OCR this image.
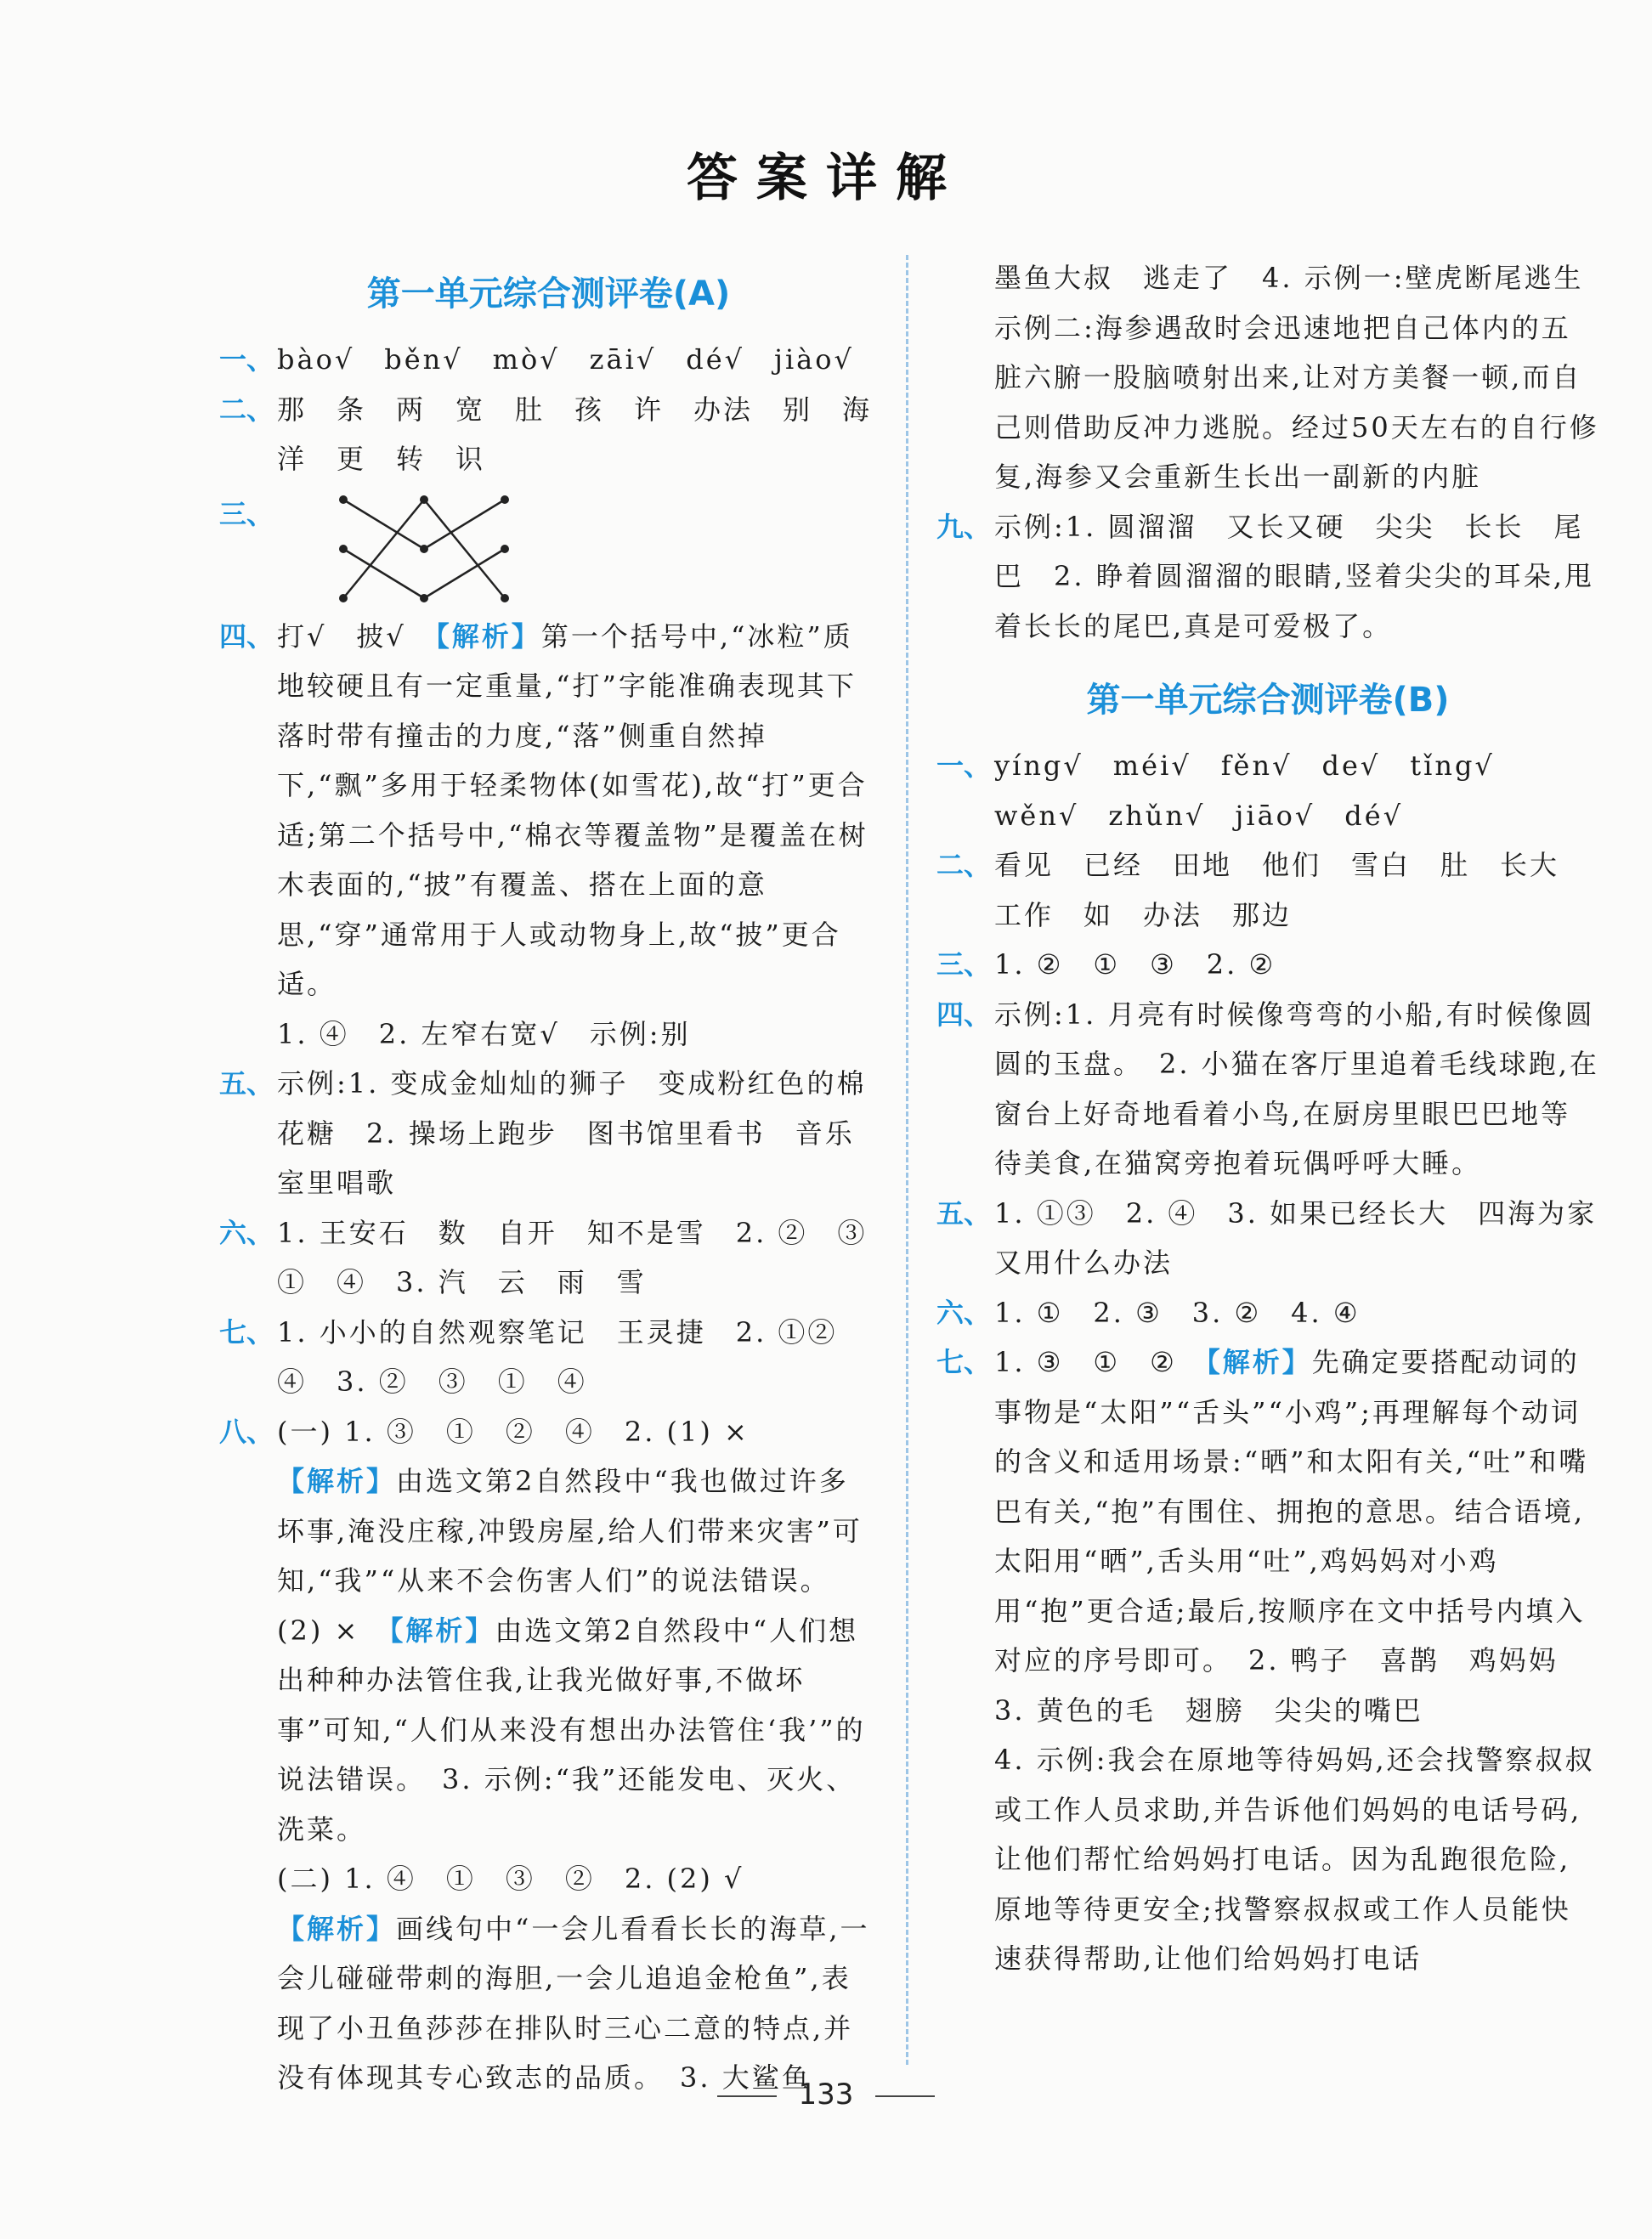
答案详解
第一单元综合测评卷(A)
一、 bào√　běn√　mò√　zāi√　dé√　jiào√
二、 那　条　两　宽　肚　孩　许　办法　别　海洋　更　转　识
三、
四、 打√　披√　【解析】第一个括号中,“冰粒”质地较硬且有一定重量,“打”字能准确表现其下落时带有撞击的力度,“落”侧重自然掉下,“飘”多用于轻柔物体(如雪花),故“打”更合适;第二个括号中,“棉衣等覆盖物”是覆盖在树木表面的,“披”有覆盖、搭在上面的意思,“穿”通常用于人或动物身上,故“披”更合适。
1. ④　2. 左窄右宽√　示例:别
五、 示例:1. 变成金灿灿的狮子　变成粉红色的棉花糖　2. 操场上跑步　图书馆里看书　音乐室里唱歌
六、 1. 王安石　数　自开　知不是雪　2. ②　③　①　④　3. 汽　云　雨　雪
七、 1. 小小的自然观察笔记　王灵捷　2. ①②　④　3. ②　③　①　④
八、 (一) 1. ③　①　②　④　2. (1) ×　【解析】由选文第2自然段中“我也做过许多坏事,淹没庄稼,冲毁房屋,给人们带来灾害”可知,“我”“从来不会伤害人们”的说法错误。
(2) ×　【解析】由选文第2自然段中“人们想出种种办法管住我,让我光做好事,不做坏事”可知,“人们从来没有想出办法管住‘我’”的说法错误。　3. 示例:“我”还能发电、灭火、洗菜。
(二) 1. ④　①　③　②　2. (2) √　【解析】画线句中“一会儿看看长长的海草,一会儿碰碰带刺的海胆,一会儿追追金枪鱼”,表现了小丑鱼莎莎在排队时三心二意的特点,并没有体现其专心致志的品质。　3. 大鲨鱼
墨鱼大叔　逃走了　4. 示例一:壁虎断尾逃生　示例二:海参遇敌时会迅速地把自己体内的五脏六腑一股脑喷射出来,让对方美餐一顿,而自己则借助反冲力逃脱。经过50天左右的自行修复,海参又会重新生长出一副新的内脏
九、 示例:1. 圆溜溜　又长又硬　尖尖　长长　尾巴　2. 睁着圆溜溜的眼睛,竖着尖尖的耳朵,甩着长长的尾巴,真是可爱极了。
第一单元综合测评卷(B)
一、 yíng√　méi√　fěn√　de√　tǐng√　wěn√　zhǔn√　jiāo√　dé√
二、 看见　已经　田地　他们　雪白　肚　长大　工作　如　办法　那边
三、 1. ②　①　③　2. ②
四、 示例:1. 月亮有时候像弯弯的小船,有时候像圆圆的玉盘。　2. 小猫在客厅里追着毛线球跑,在窗台上好奇地看着小鸟,在厨房里眼巴巴地等待美食,在猫窝旁抱着玩偶呼呼大睡。
五、 1. ①③　2. ④　3. 如果已经长大　四海为家　又用什么办法
六、 1. ①　2. ③　3. ②　4. ④
七、 1. ③　①　②　【解析】先确定要搭配动词的事物是“太阳”“舌头”“小鸡”;再理解每个动词的含义和适用场景:“晒”和太阳有关,“吐”和嘴巴有关,“抱”有围住、拥抱的意思。结合语境,太阳用“晒”,舌头用“吐”,鸡妈妈对小鸡用“抱”更合适;最后,按顺序在文中括号内填入对应的序号即可。　2. 鸭子　喜鹊　鸡妈妈　3. 黄色的毛　翅膀　尖尖的嘴巴
4. 示例:我会在原地等待妈妈,还会找警察叔叔或工作人员求助,并告诉他们妈妈的电话号码,让他们帮忙给妈妈打电话。因为乱跑很危险,原地等待更安全;找警察叔叔或工作人员能快速获得帮助,让他们给妈妈打电话
133
